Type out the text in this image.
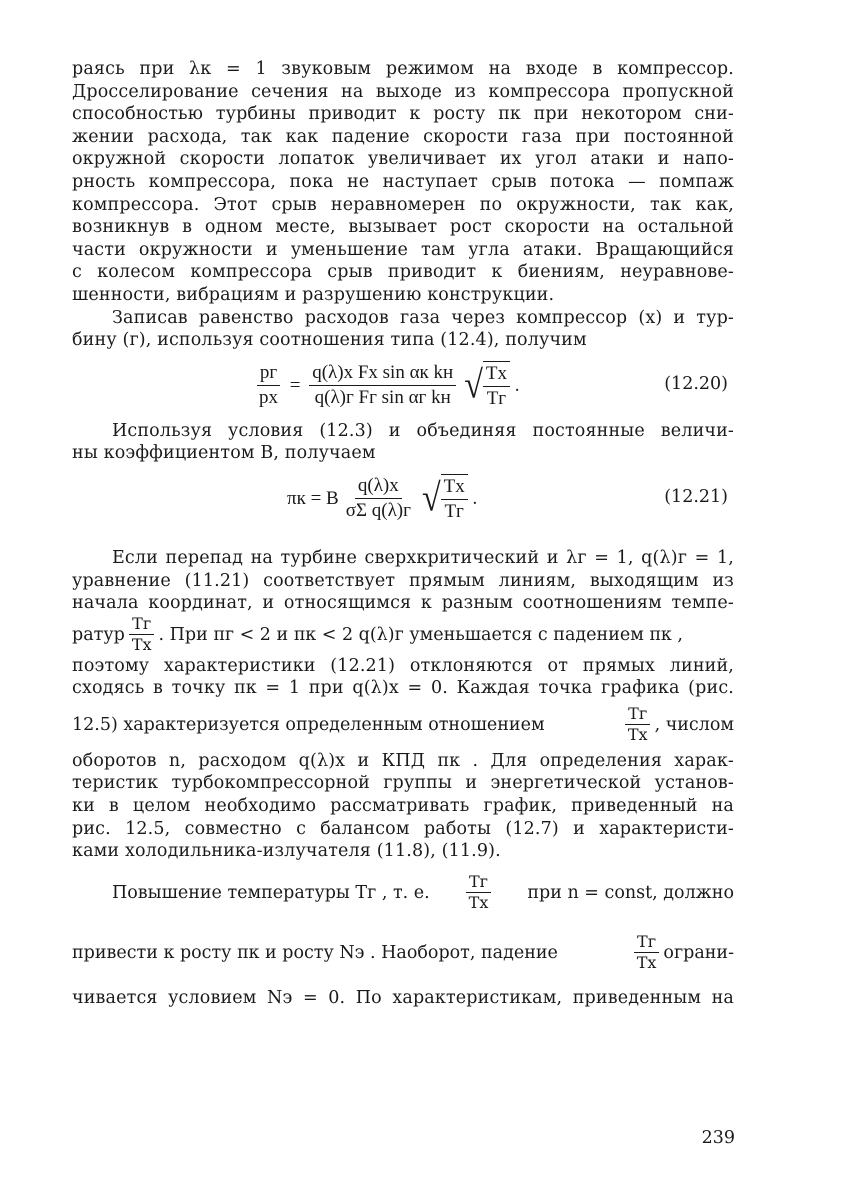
раясь при λк = 1 звуковым режимом на входе в компрессор.
Дросселирование сечения на выходе из компрессора пропускной
способностью турбины приводит к росту πк при некотором сни-
жении расхода, так как падение скорости газа при постоянной
окружной скорости лопаток увеличивает их угол атаки и напо-
рность компрессора, пока не наступает срыв потока — помпаж
компрессора. Этот срыв неравномерен по окружности, так как,
возникнув в одном месте, вызывает рост скорости на остальной
части окружности и уменьшение там угла атаки. Вращающийся
с колесом компрессора срыв приводит к биениям, неуравнове-
шенности, вибрациям и разрушению конструкции.
Записав равенство расходов газа через компрессор (х) и тур-
бину (г), используя соотношения типа (12.4), получим
$\frac{pг}{pх} = \frac{\text{q(λ)х Fх sin αк kн}}{\text{q(λ)г Fг sin αг kн}}$ √ $\frac{Tх}{Tг}$ .	(12.20)
Используя условия (12.3) и объединяя постоянные величи-
ны коэффициентом B, получаем
πк = B $\frac{q(\lambda)х}{\text{σΣ q(λ)г}}$ √ $\frac{Tх}{Tг}$ .	(12.21)
Если перепад на турбине сверхкритический и λг = 1, q(λ)г = 1,
уравнение (11.21) соответствует прямым линиям, выходящим из
начала координат, и относящимся к разным соотношениям темпе-
ратур $\frac{Tг}{Tх}$ . При πг < 2 и πк < 2 q(λ)г уменьшается с падением πк ,
поэтому характеристики (12.21) отклоняются от прямых линий,
сходясь в точку πк = 1 при q(λ)х = 0. Каждая точка графика (рис.
12.5) характеризуется определенным отношением	$\frac{Tг}{Tх}$ , числом
оборотов n, расходом q(λ)х и КПД πк . Для определения харак-
теристик турбокомпрессорной группы и энергетической установ-
ки в целом необходимо рассматривать график, приведенный на
рис. 12.5, совместно с балансом работы (12.7) и характеристи-
ками холодильника-излучателя (11.8), (11.9).
Повышение температуры Tг , т. е. $\frac{Tг}{Tх}$ при n = const, должно
привести к росту πк и росту Nэ . Наоборот, падение	$\frac{Tг}{Tх}$ ограни-
чивается условием Nэ = 0. По характеристикам, приведенным на
239
